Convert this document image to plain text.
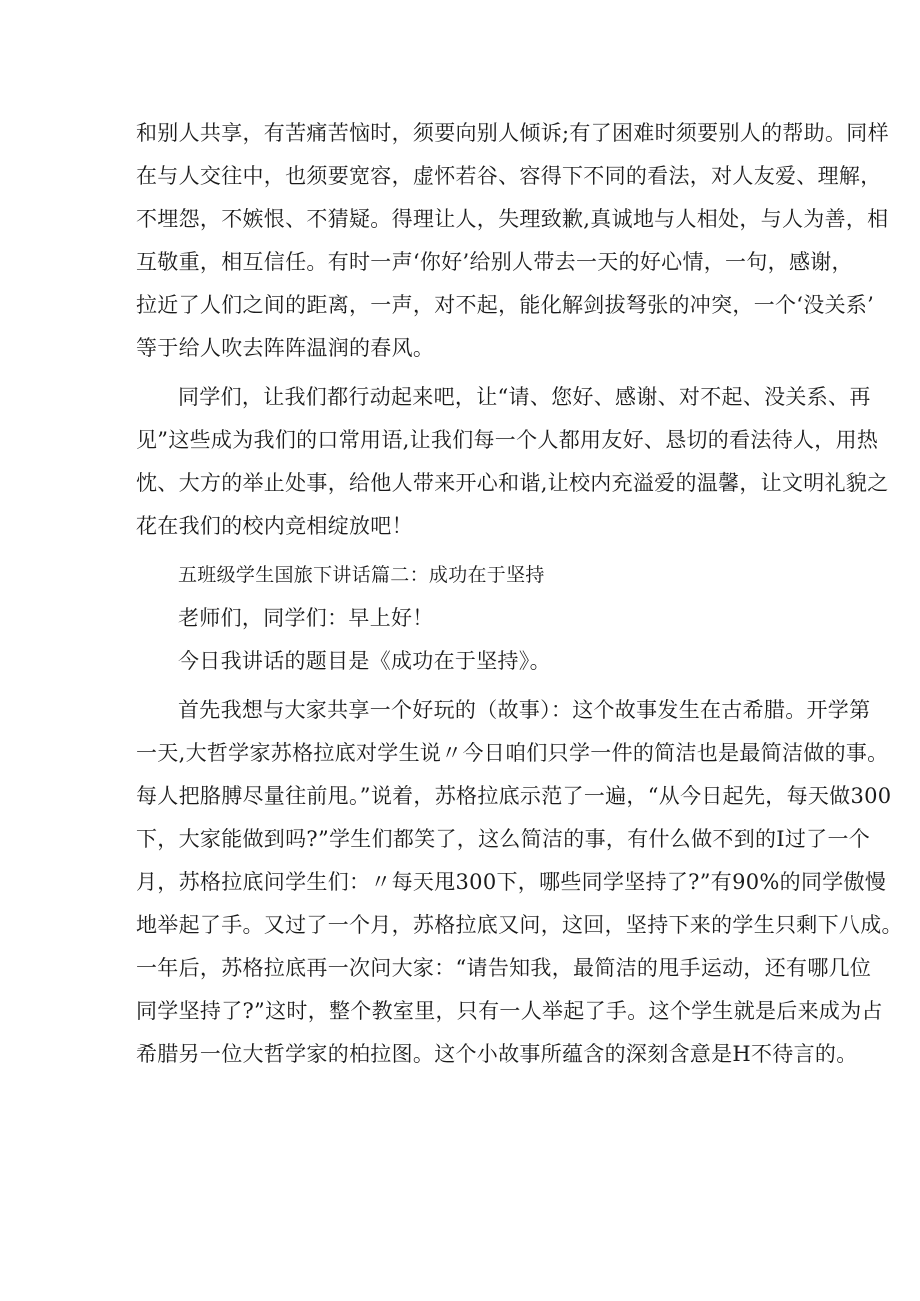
和别人共享，有苦痛苦恼时，须要向别人倾诉;有了困难时须要别人的帮助。同样
在与人交往中，也须要宽容，虚怀若谷、容得下不同的看法，对人友爱、理解，
不埋怨，不嫉恨、不猜疑。得理让人，失理致歉,真诚地与人相处，与人为善，相
互敬重，相互信任。有时一声‘你好’给别人带去一天的好心情，一句，感谢，
拉近了人们之间的距离，一声，对不起，能化解剑拔弩张的冲突，一个‘没关系’
等于给人吹去阵阵温润的春风。
同学们，让我们都行动起来吧，让“请、您好、感谢、对不起、没关系、再
见”这些成为我们的口常用语,让我们每一个人都用友好、恳切的看法待人，用热
忱、大方的举止处事，给他人带来开心和谐,让校内充溢爱的温馨，让文明礼貌之
花在我们的校内竞相绽放吧！
五班级学生国旅下讲话篇二：成功在于坚持
老师们，同学们：早上好！
今日我讲话的题目是《成功在于坚持》。
首先我想与大家共享一个好玩的（故事）：这个故事发生在古希腊。开学第
一天,大哲学家苏格拉底对学生说〃今日咱们只学一件的简洁也是最简洁做的事。
每人把胳膊尽量往前甩。”说着，苏格拉底示范了一遍，“从今日起先，每天做300
下，大家能做到吗?”学生们都笑了，这么简洁的事，有什么做不到的I过了一个
月，苏格拉底问学生们：〃每天甩300下，哪些同学坚持了?”有90%的同学傲慢
地举起了手。又过了一个月，苏格拉底又问，这回，坚持下来的学生只剩下八成。
一年后，苏格拉底再一次问大家：“请告知我，最简洁的甩手运动，还有哪几位
同学坚持了?”这时，整个教室里，只有一人举起了手。这个学生就是后来成为占
希腊另一位大哲学家的柏拉图。这个小故事所蕴含的深刻含意是H不待言的。
